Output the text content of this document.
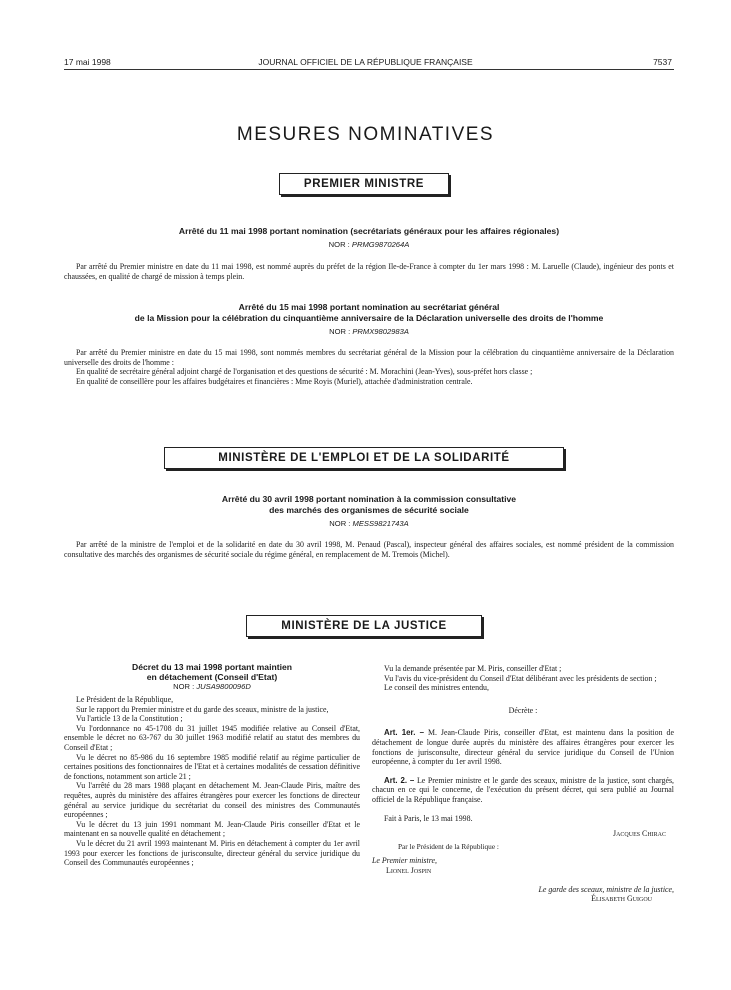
17 mai 1998	JOURNAL OFFICIEL DE LA RÉPUBLIQUE FRANÇAISE	7537
MESURES NOMINATIVES
PREMIER MINISTRE
Arrêté du 11 mai 1998 portant nomination (secrétariats généraux pour les affaires régionales)
NOR : PRMG9870264A
Par arrêté du Premier ministre en date du 11 mai 1998, est nommé auprès du préfet de la région Ile-de-France à compter du 1er mars 1998 : M. Laruelle (Claude), ingénieur des ponts et chaussées, en qualité de chargé de mission à temps plein.
Arrêté du 15 mai 1998 portant nomination au secrétariat général
de la Mission pour la célébration du cinquantième anniversaire de la Déclaration universelle des droits de l'homme
NOR : PRMX9802983A
Par arrêté du Premier ministre en date du 15 mai 1998, sont nommés membres du secrétariat général de la Mission pour la célébration du cinquantième anniversaire de la Déclaration universelle des droits de l'homme :
En qualité de secrétaire général adjoint chargé de l'organisation et des questions de sécurité : M. Morachini (Jean-Yves), sous-préfet hors classe ;
En qualité de conseillère pour les affaires budgétaires et financières : Mme Royis (Muriel), attachée d'administration centrale.
MINISTÈRE DE L'EMPLOI ET DE LA SOLIDARITÉ
Arrêté du 30 avril 1998 portant nomination à la commission consultative
des marchés des organismes de sécurité sociale
NOR : MESS9821743A
Par arrêté de la ministre de l'emploi et de la solidarité en date du 30 avril 1998, M. Penaud (Pascal), inspecteur général des affaires sociales, est nommé président de la commission consultative des marchés des organismes de sécurité sociale du régime général, en remplacement de M. Tremois (Michel).
MINISTÈRE DE LA JUSTICE
Décret du 13 mai 1998 portant maintien
en détachement (Conseil d'Etat)
NOR : JUSA9800096D

Le Président de la République,

Sur le rapport du Premier ministre et du garde des sceaux, ministre de la justice,

Vu l'article 13 de la Constitution ;

Vu l'ordonnance no 45-1708 du 31 juillet 1945 modifiée relative au Conseil d'Etat, ensemble le décret no 63-767 du 30 juillet 1963 modifié relatif au statut des membres du Conseil d'Etat ;

Vu le décret no 85-986 du 16 septembre 1985 modifié relatif au régime particulier de certaines positions des fonctionnaires de l'Etat et à certaines modalités de cessation définitive de fonctions, notamment son article 21 ;

Vu l'arrêté du 28 mars 1988 plaçant en détachement M. Jean-Claude Piris, maître des requêtes, auprès du ministère des affaires étrangères pour exercer les fonctions de directeur général au service juridique du secrétariat du conseil des ministres des Communautés européennes ;

Vu le décret du 13 juin 1991 nommant M. Jean-Claude Piris conseiller d'Etat et le maintenant en sa nouvelle qualité en détachement ;

Vu le décret du 21 avril 1993 maintenant M. Piris en détachement à compter du 1er avril 1993 pour exercer les fonctions de jurisconsulte, directeur général du service juridique du Conseil des Communautés européennes ;

Vu la demande présentée par M. Piris, conseiller d'Etat ;

Vu l'avis du vice-président du Conseil d'Etat délibérant avec les présidents de section ;

Le conseil des ministres entendu,

Décrète :

Art. 1er. – M. Jean-Claude Piris, conseiller d'Etat, est maintenu dans la position de détachement de longue durée auprès du ministère des affaires étrangères pour exercer les fonctions de jurisconsulte, directeur général du service juridique du Conseil de l'Union européenne, à compter du 1er avril 1998.

Art. 2. – Le Premier ministre et le garde des sceaux, ministre de la justice, sont chargés, chacun en ce qui le concerne, de l'exécution du présent décret, qui sera publié au Journal officiel de la République française.

Fait à Paris, le 13 mai 1998.

Jacques Chirac

Par le Président de la République :

Le Premier ministre,

Lionel Jospin

Le garde des sceaux, ministre de la justice,

Élisabeth Guigou
